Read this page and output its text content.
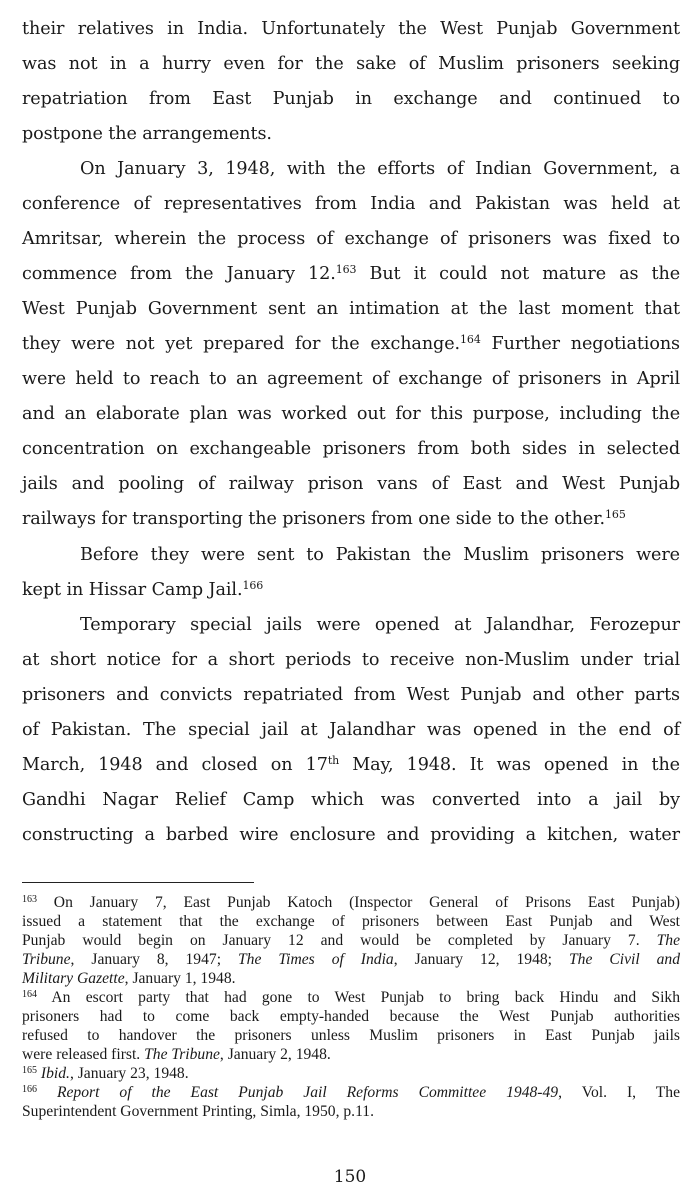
their relatives in India. Unfortunately the West Punjab Government
was not in a hurry even for the sake of Muslim prisoners seeking
repatriation from East Punjab in exchange and continued to
postpone the arrangements.
On January 3, 1948, with the efforts of Indian Government, a
conference of representatives from India and Pakistan was held at
Amritsar, wherein the process of exchange of prisoners was fixed to
commence from the January 12.$^{163}$ But it could not mature as the
West Punjab Government sent an intimation at the last moment that
they were not yet prepared for the exchange.$^{164}$ Further negotiations
were held to reach to an agreement of exchange of prisoners in April
and an elaborate plan was worked out for this purpose, including the
concentration on exchangeable prisoners from both sides in selected
jails and pooling of railway prison vans of East and West Punjab
railways for transporting the prisoners from one side to the other.$^{165}$
Before they were sent to Pakistan the Muslim prisoners were
kept in Hissar Camp Jail.$^{166}$
Temporary special jails were opened at Jalandhar, Ferozepur
at short notice for a short periods to receive non-Muslim under trial
prisoners and convicts repatriated from West Punjab and other parts
of Pakistan. The special jail at Jalandhar was opened in the end of
March, 1948 and closed on 17th May, 1948. It was opened in the
Gandhi Nagar Relief Camp which was converted into a jail by
constructing a barbed wire enclosure and providing a kitchen, water
$^{163}$ On January 7, East Punjab Katoch (Inspector General of Prisons East Punjab)
issued a statement that the exchange of prisoners between East Punjab and West
Punjab would begin on January 12 and would be completed by January 7. The
Tribune, January 8, 1947; The Times of India, January 12, 1948; The Civil and
Military Gazette, January 1, 1948.
$^{164}$ An escort party that had gone to West Punjab to bring back Hindu and Sikh
prisoners had to come back empty-handed because the West Punjab authorities
refused to handover the prisoners unless Muslim prisoners in East Punjab jails
were released first. The Tribune, January 2, 1948.
$^{165}$ Ibid., January 23, 1948.
$^{166}$ Report of the East Punjab Jail Reforms Committee 1948-49, Vol. I, The
Superintendent Government Printing, Simla, 1950, p.11.
150
